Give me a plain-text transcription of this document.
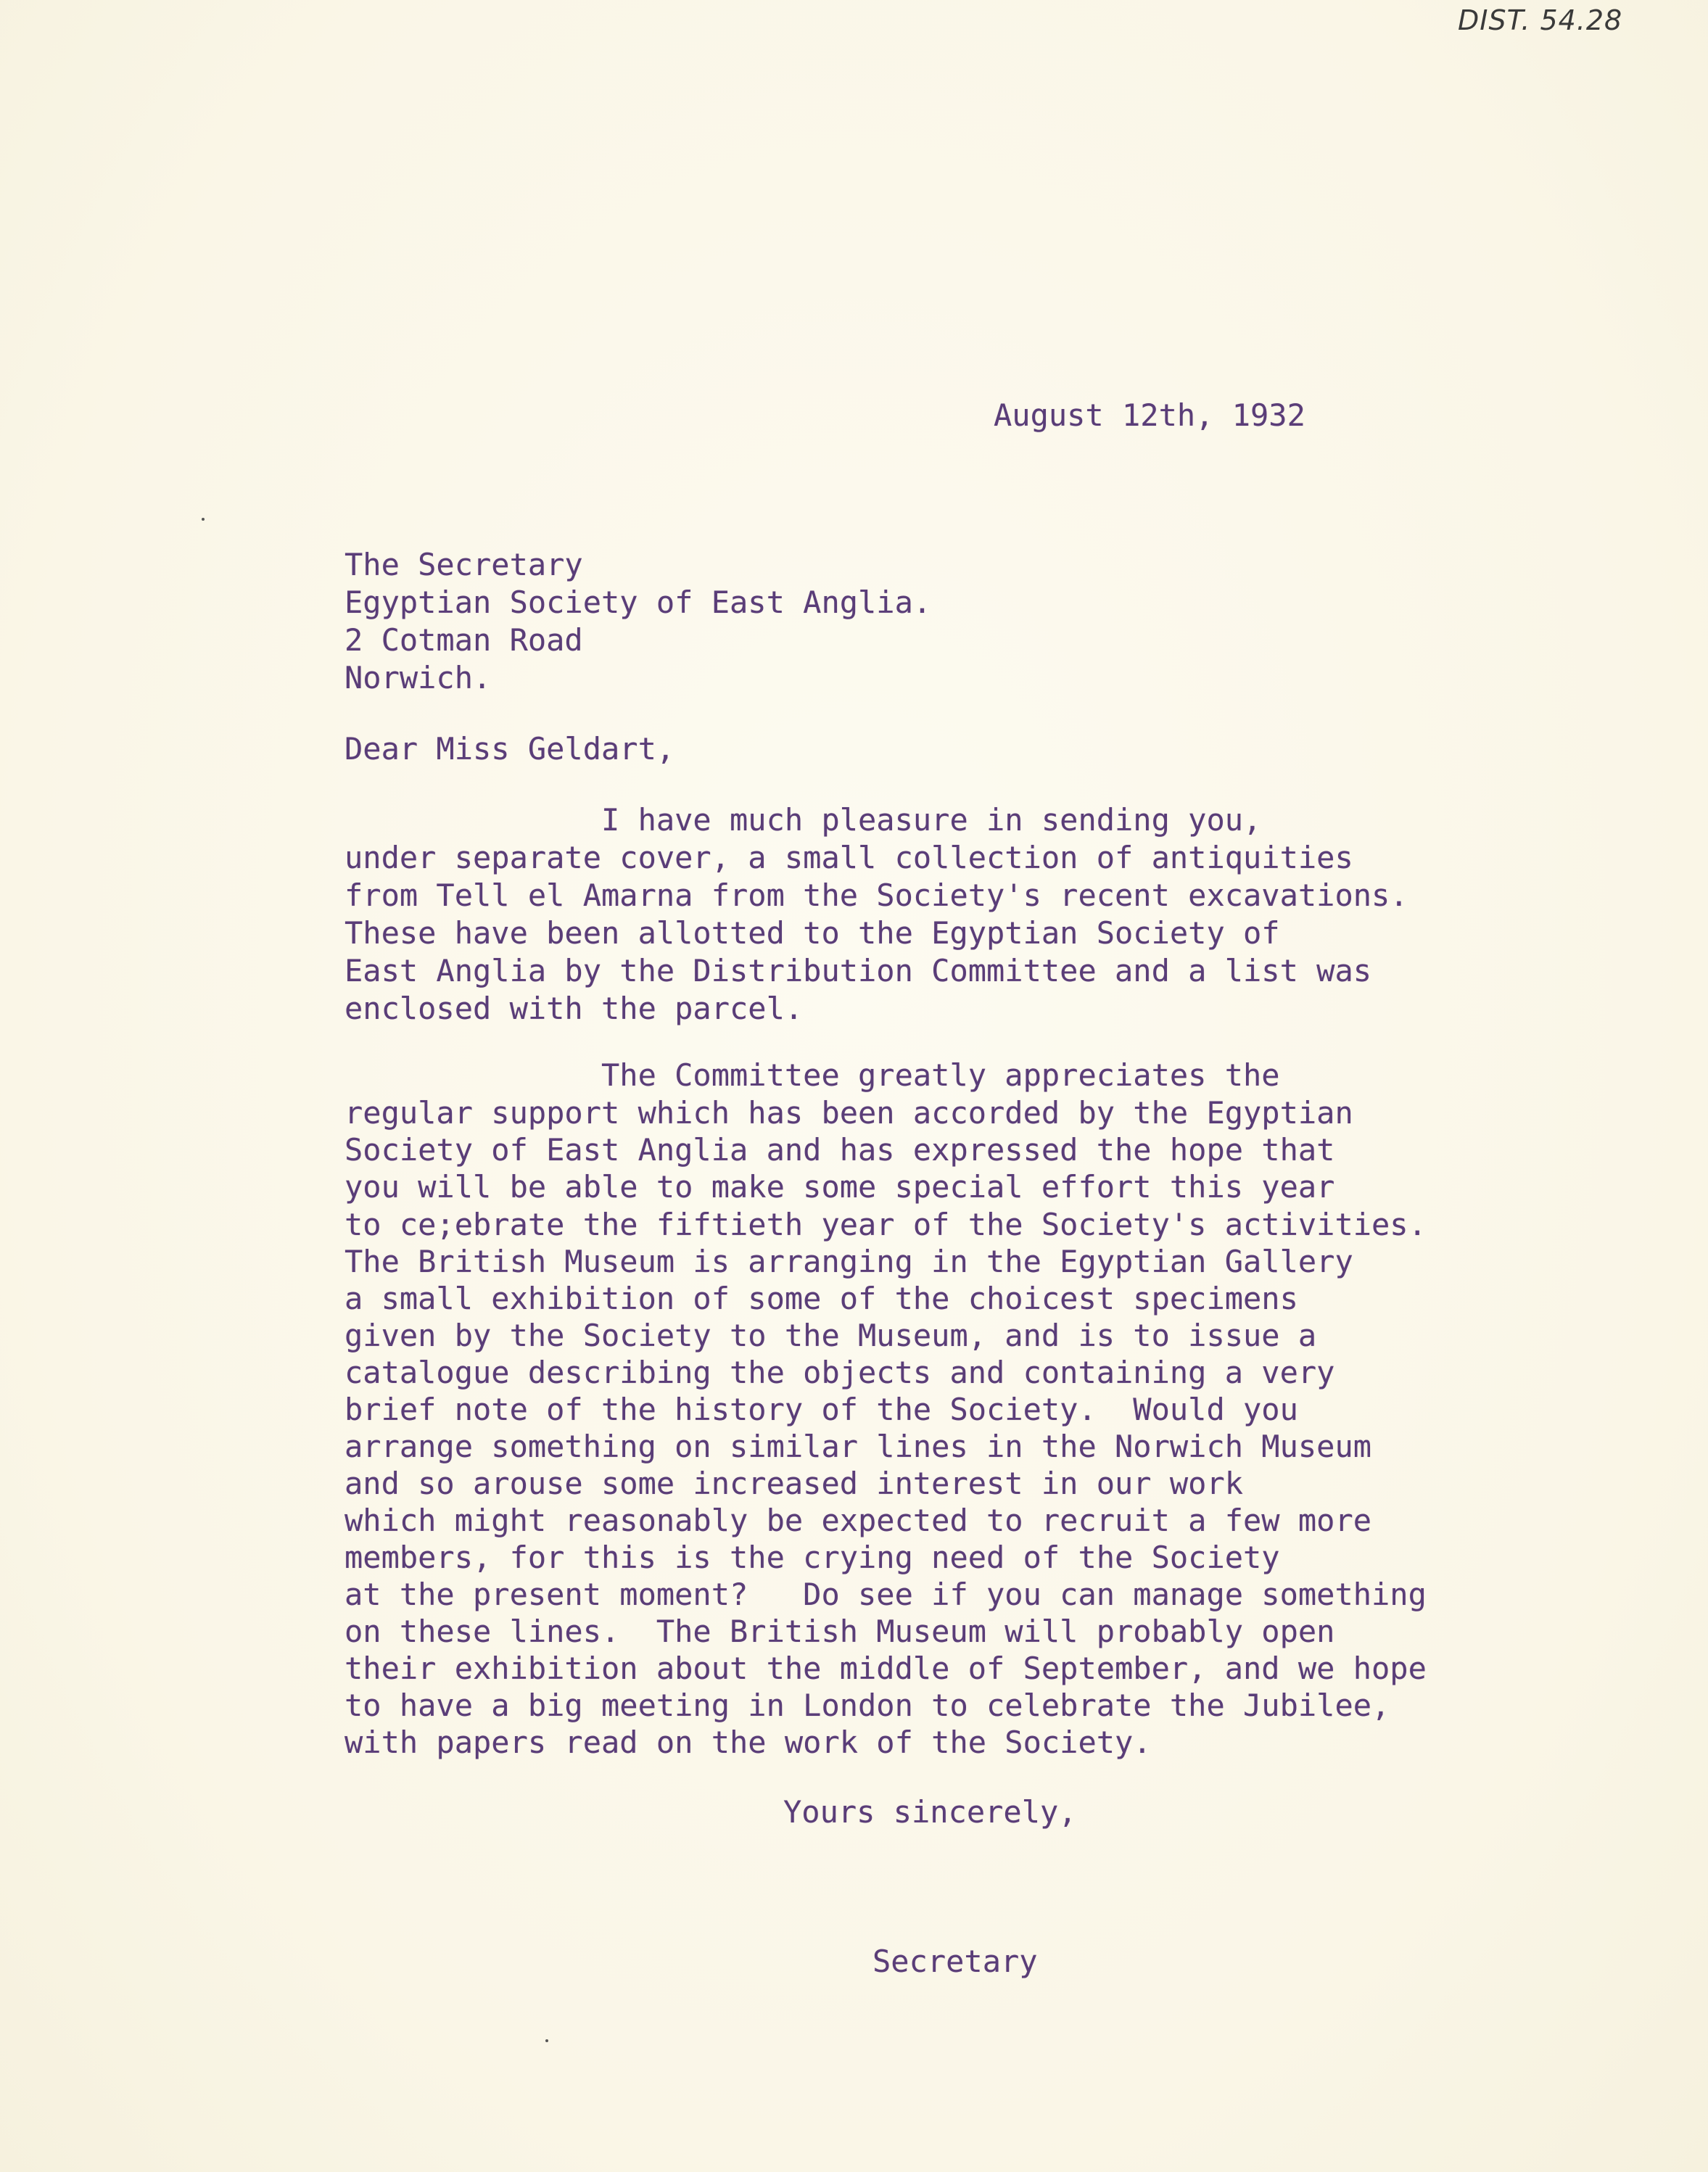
DIST. 54.28
August 12th, 1932
The Secretary
Egyptian Society of East Anglia.
2 Cotman Road
Norwich.
Dear Miss Geldart,
I have much pleasure in sending you,
under separate cover, a small collection of antiquities
from Tell el Amarna from the Society's recent excavations.
These have been allotted to the Egyptian Society of
East Anglia by the Distribution Committee and a list was
enclosed with the parcel.
The Committee greatly appreciates the
regular support which has been accorded by the Egyptian
Society of East Anglia and has expressed the hope that
you will be able to make some special effort this year
to ce;ebrate the fiftieth year of the Society's activities.
The British Museum is arranging in the Egyptian Gallery
a small exhibition of some of the choicest specimens
given by the Society to the Museum, and is to issue a
catalogue describing the objects and containing a very
brief note of the history of the Society.  Would you
arrange something on similar lines in the Norwich Museum
and so arouse some increased interest in our work
which might reasonably be expected to recruit a few more
members, for this is the crying need of the Society
at the present moment?   Do see if you can manage something
on these lines.  The British Museum will probably open
their exhibition about the middle of September, and we hope
to have a big meeting in London to celebrate the Jubilee,
with papers read on the work of the Society.
Yours sincerely,
Secretary
